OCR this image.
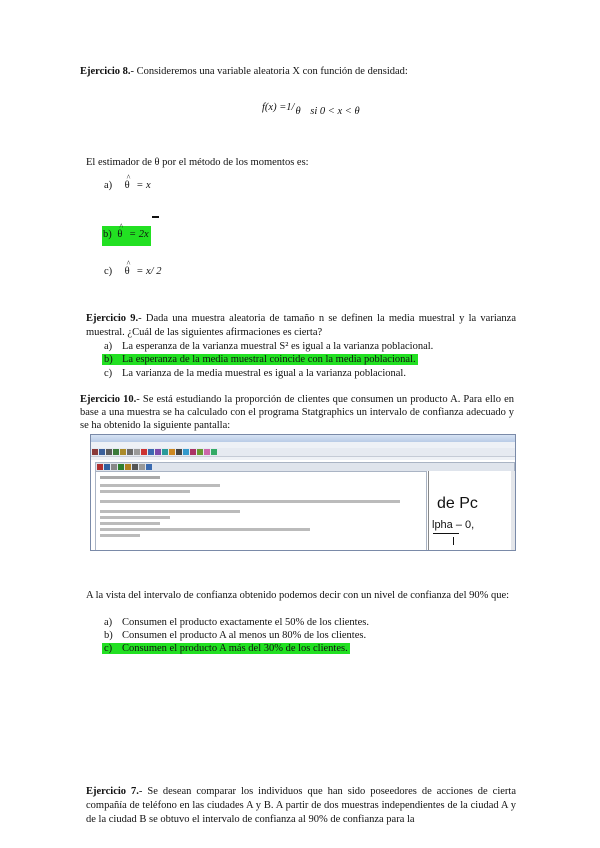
Ejercicio 8.- Consideremos una variable aleatoria X con función de densidad:
f(x) =1/θ si 0 < x < θ
El estimador de θ por el método de los momentos es:
a)
^
θ = x
b)
^
θ = 2x
c)
^
θ = x/ 2
Ejercicio 9.- Dada una muestra aleatoria de tamaño n se definen la media muestral y la varianza muestral. ¿Cuál de las siguientes afirmaciones es cierta?
a) La esperanza de la varianza muestral S² es igual a la varianza poblacional.
b) La esperanza de la media muestral coincide con la media poblacional.
c) La varianza de la media muestral es igual a la varianza poblacional.
Ejercicio 10.- Se está estudiando la proporción de clientes que consumen un producto A. Para ello en base a una muestra se ha calculado con el programa Statgraphics un intervalo de confianza adecuado y se ha obtenido la siguiente pantalla:
de Pc
lpha – 0,
A la vista del intervalo de confianza obtenido podemos decir con un nivel de confianza del 90% que:
a) Consumen el producto exactamente el 50% de los clientes.
b) Consumen el producto A al menos un 80% de los clientes.
c) Consumen el producto A más del 30% de los clientes.
Ejercicio 7.- Se desean comparar los individuos que han sido poseedores de acciones de cierta compañía de teléfono en las ciudades A y B. A partir de dos muestras independientes de la ciudad A y de la ciudad B se obtuvo el intervalo de confianza al 90% de confianza para la
